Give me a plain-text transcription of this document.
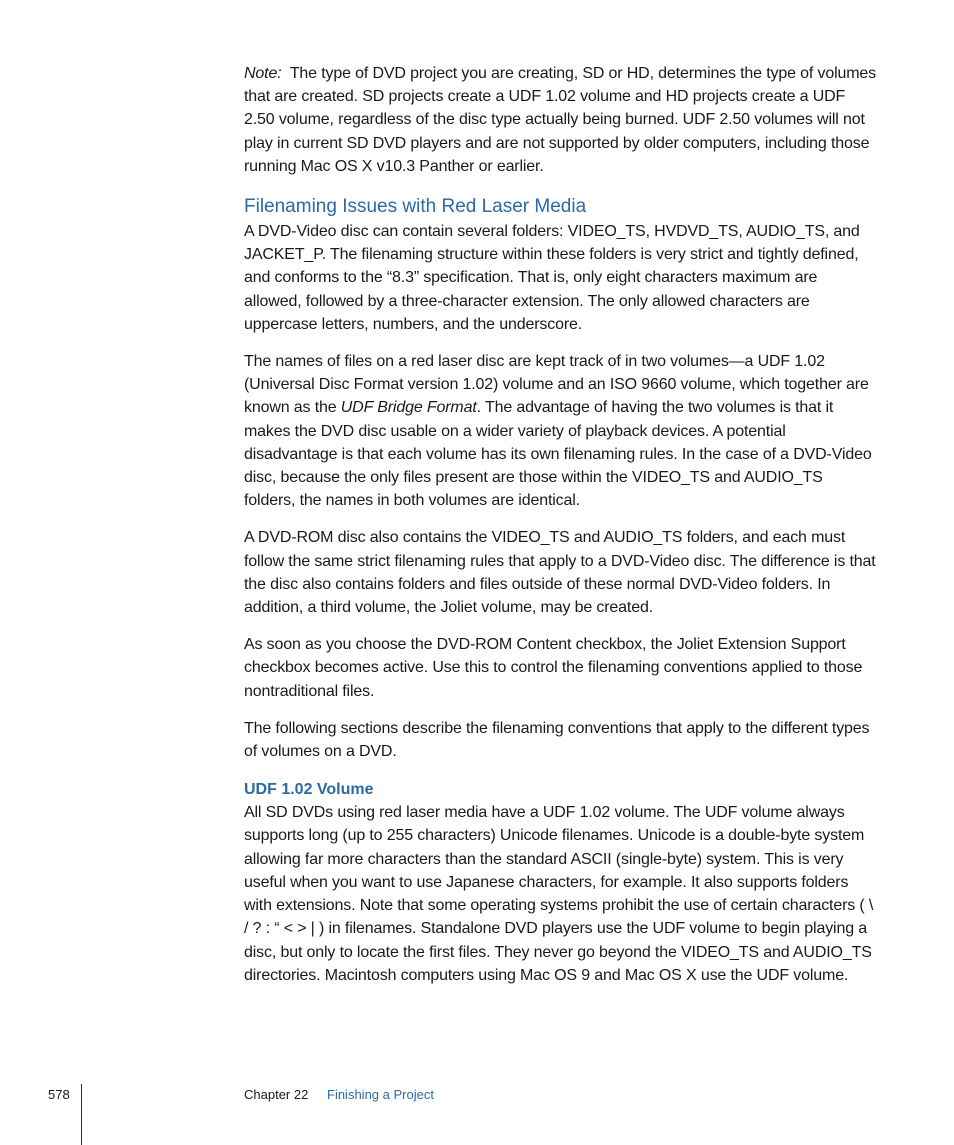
Note: The type of DVD project you are creating, SD or HD, determines the type of volumes that are created. SD projects create a UDF 1.02 volume and HD projects create a UDF 2.50 volume, regardless of the disc type actually being burned. UDF 2.50 volumes will not play in current SD DVD players and are not supported by older computers, including those running Mac OS X v10.3 Panther or earlier.

Filenaming Issues with Red Laser Media

A DVD-Video disc can contain several folders: VIDEO_TS, HVDVD_TS, AUDIO_TS, and JACKET_P. The filenaming structure within these folders is very strict and tightly defined, and conforms to the “8.3” specification. That is, only eight characters maximum are allowed, followed by a three-character extension. The only allowed characters are uppercase letters, numbers, and the underscore.

The names of files on a red laser disc are kept track of in two volumes—a UDF 1.02 (Universal Disc Format version 1.02) volume and an ISO 9660 volume, which together are known as the UDF Bridge Format. The advantage of having the two volumes is that it makes the DVD disc usable on a wider variety of playback devices. A potential disadvantage is that each volume has its own filenaming rules. In the case of a DVD-Video disc, because the only files present are those within the VIDEO_TS and AUDIO_TS folders, the names in both volumes are identical.

A DVD-ROM disc also contains the VIDEO_TS and AUDIO_TS folders, and each must follow the same strict filenaming rules that apply to a DVD-Video disc. The difference is that the disc also contains folders and files outside of these normal DVD-Video folders. In addition, a third volume, the Joliet volume, may be created.

As soon as you choose the DVD-ROM Content checkbox, the Joliet Extension Support checkbox becomes active. Use this to control the filenaming conventions applied to those nontraditional files.

The following sections describe the filenaming conventions that apply to the different types of volumes on a DVD.

UDF 1.02 Volume

All SD DVDs using red laser media have a UDF 1.02 volume. The UDF volume always supports long (up to 255 characters) Unicode filenames. Unicode is a double-byte system allowing far more characters than the standard ASCII (single-byte) system. This is very useful when you want to use Japanese characters, for example. It also supports folders with extensions. Note that some operating systems prohibit the use of certain characters ( \ / ? : “ < > | ) in filenames. Standalone DVD players use the UDF volume to begin playing a disc, but only to locate the first files. They never go beyond the VIDEO_TS and AUDIO_TS directories. Macintosh computers using Mac OS 9 and Mac OS X use the UDF volume.

578	Chapter 22 Finishing a Project
